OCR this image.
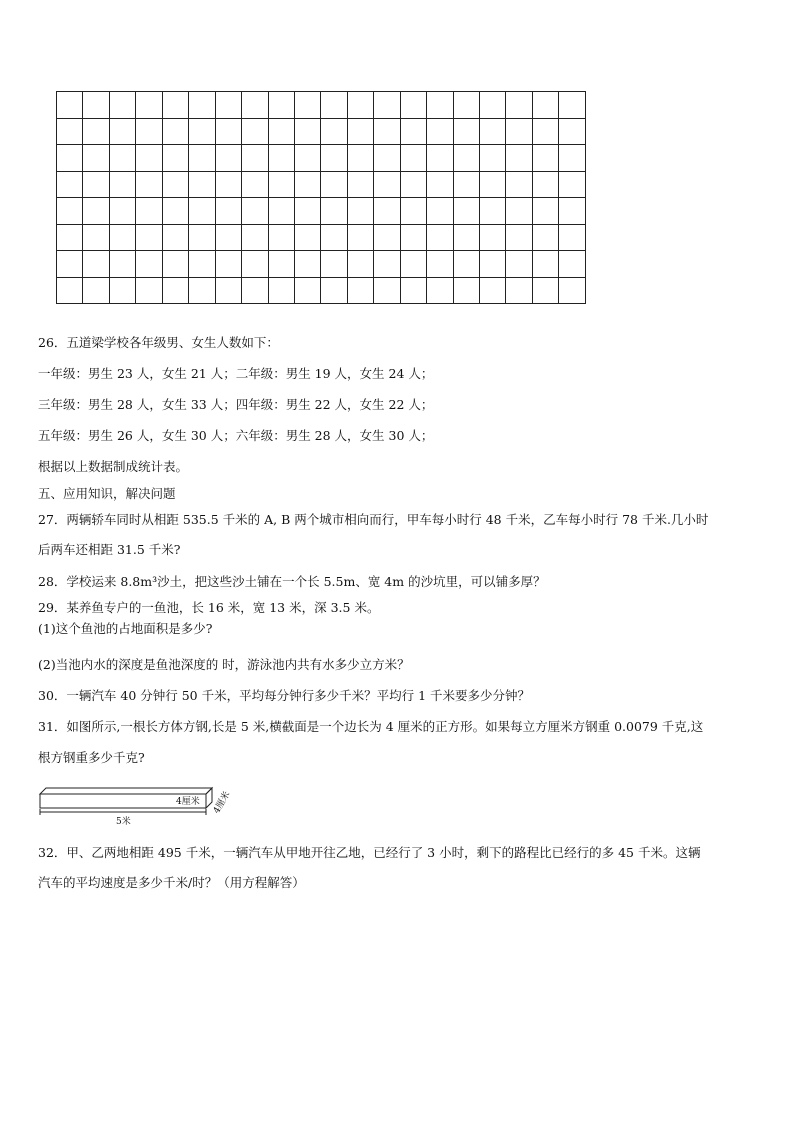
26．五道梁学校各年级男、女生人数如下：
一年级：男生 23 人，女生 21 人；二年级：男生 19 人，女生 24 人；
三年级：男生 28 人，女生 33 人；四年级：男生 22 人，女生 22 人；
五年级：男生 26 人，女生 30 人；六年级：男生 28 人，女生 30 人；
根据以上数据制成统计表。
五、应用知识，解决问题
27．两辆轿车同时从相距 535.5 千米的 A, B 两个城市相向而行，甲车每小时行 48 千米，乙车每小时行 78 千米.几小时
后两车还相距 31.5 千米?
28．学校运来 8.8m³沙土，把这些沙土铺在一个长 5.5m、宽 4m 的沙坑里，可以铺多厚？
29．某养鱼专户的一鱼池，长 16 米，宽 13 米，深 3.5 米。
(1)这个鱼池的占地面积是多少?
(2)当池内水的深度是鱼池深度的 时，游泳池内共有水多少立方米？
30．一辆汽车 40 分钟行 50 千米，平均每分钟行多少千米？平均行 1 千米要多少分钟？
31．如图所示,一根长方体方钢,长是 5 米,横截面是一个边长为 4 厘米的正方形。如果每立方厘米方钢重 0.0079 千克,这
根方钢重多少千克?
4厘米 4厘米
5米
32．甲、乙两地相距 495 千米，一辆汽车从甲地开往乙地，已经行了 3 小时，剩下的路程比已经行的多 45 千米。这辆
汽车的平均速度是多少千米/时？（用方程解答）
